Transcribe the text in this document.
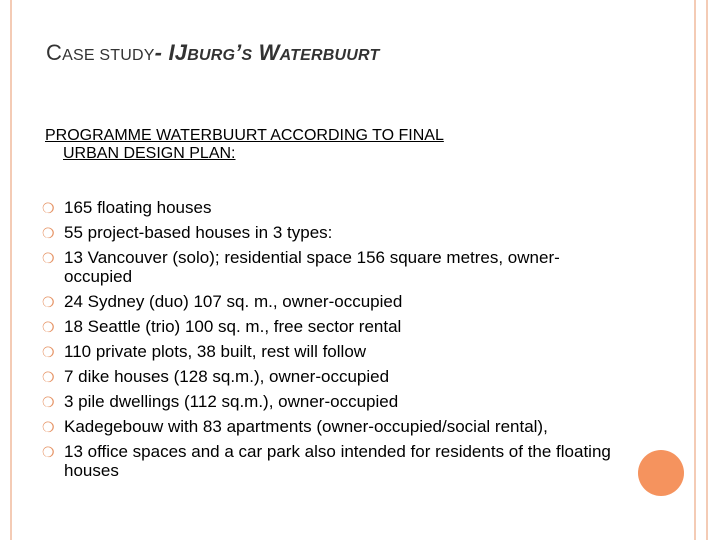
CASE STUDY- IJBURG’S WATERBUURT
PROGRAMME WATERBUURT ACCORDING TO FINAL
URBAN DESIGN PLAN:
❍ 165 floating houses
❍ 55 project-based houses in 3 types:
❍ 13 Vancouver (solo); residential space 156 square metres, owner-occupied
❍ 24 Sydney (duo) 107 sq. m., owner-occupied
❍ 18 Seattle (trio) 100 sq. m., free sector rental
❍ 110 private plots, 38 built, rest will follow
❍ 7 dike houses (128 sq.m.), owner-occupied
❍ 3 pile dwellings (112 sq.m.), owner-occupied
❍ Kadegebouw with 83 apartments (owner-occupied/social rental),
❍ 13 office spaces and a car park also intended for residents of the floating houses
